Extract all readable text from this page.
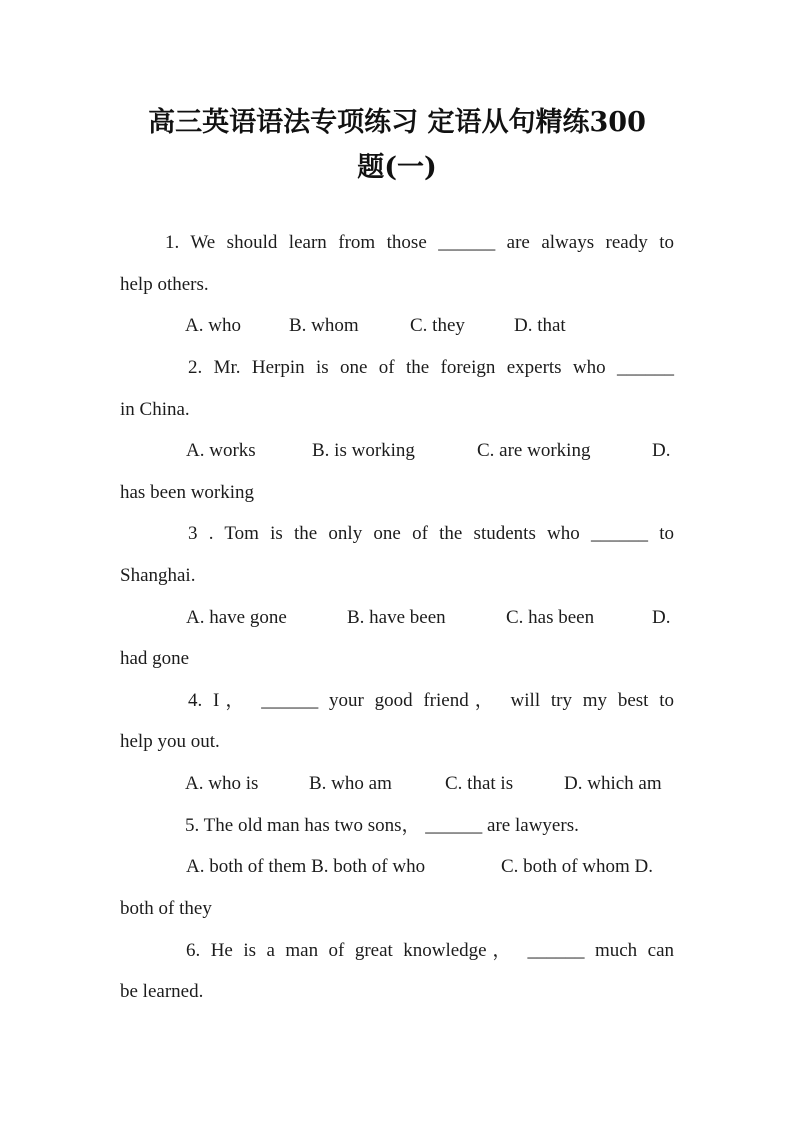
高三英语语法专项练习 定语从句精练300
题(一)
1. We should learn from those ______ are always ready to
help others.
A. who	B. whom	C. they	D. that
2. Mr. Herpin is one of the foreign experts who ______
in China.
A. works	B. is working	C. are working	D.
has been working
3 . Tom is the only one of the students who ______ to
Shanghai.
A. have gone	B. have been	C. has been	D.
had gone
4. I， ______ your good friend， will try my best to
help you out.
A. who is	B. who am	C. that is	D. which am
5. The old man has two sons， ______ are lawyers.
A. both of them B. both of who	C. both of whom D.
both of they
6. He is a man of great knowledge， ______ much can
be learned.
